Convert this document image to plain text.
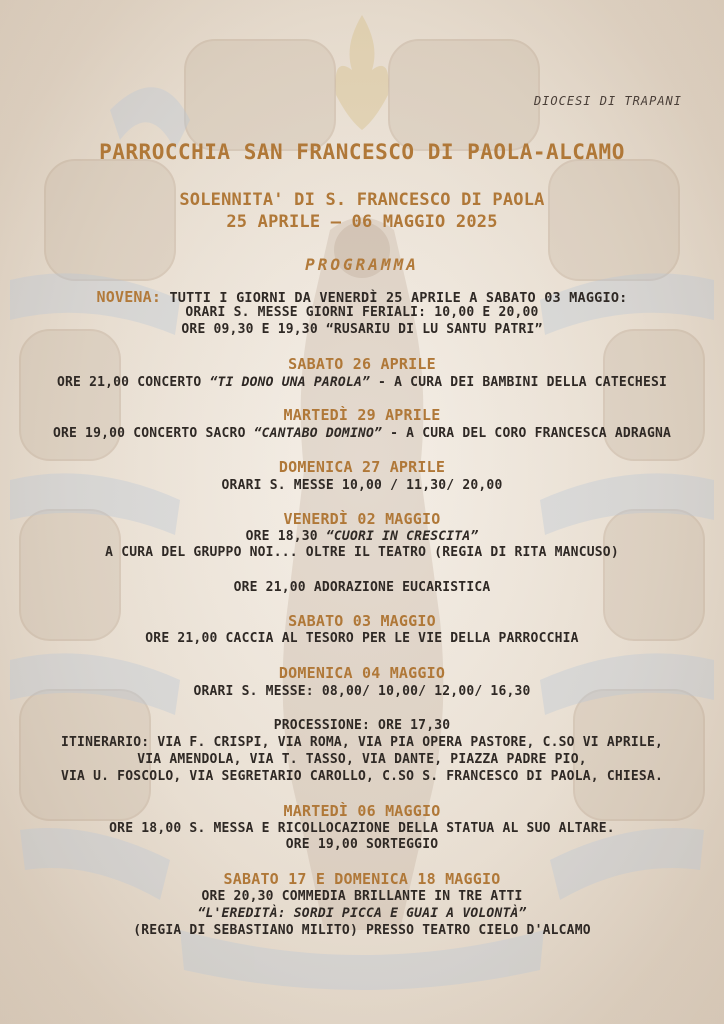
DIOCESI DI TRAPANI
PARROCCHIA SAN FRANCESCO DI PAOLA-ALCAMO
SOLENNITA' DI S. FRANCESCO DI PAOLA
25 APRILE – 06 MAGGIO 2025
PROGRAMMA
NOVENA: TUTTI I GIORNI DA VENERDÌ 25 APRILE A SABATO 03 MAGGIO:
ORARI S. MESSE GIORNI FERIALI: 10,00 E 20,00
ORE 09,30 E 19,30 “RUSARIU DI LU SANTU PATRI”
SABATO 26 APRILE
ORE 21,00 CONCERTO “TI DONO UNA PAROLA” - A CURA DEI BAMBINI DELLA CATECHESI
MARTEDÌ 29 APRILE
ORE 19,00 CONCERTO SACRO “CANTABO DOMINO” - A CURA DEL CORO FRANCESCA ADRAGNA
DOMENICA 27 APRILE
ORARI S. MESSE 10,00 / 11,30/ 20,00
VENERDÌ 02 MAGGIO
ORE 18,30 “CUORI IN CRESCITA”
A CURA DEL GRUPPO NOI... OLTRE IL TEATRO (REGIA DI RITA MANCUSO)
ORE 21,00 ADORAZIONE EUCARISTICA
SABATO 03 MAGGIO
ORE 21,00 CACCIA AL TESORO PER LE VIE DELLA PARROCCHIA
DOMENICA 04 MAGGIO
ORARI S. MESSE: 08,00/ 10,00/ 12,00/ 16,30
PROCESSIONE: ORE 17,30
ITINERARIO: VIA F. CRISPI, VIA ROMA, VIA PIA OPERA PASTORE, C.SO VI APRILE,
VIA AMENDOLA, VIA T. TASSO, VIA DANTE, PIAZZA PADRE PIO,
VIA U. FOSCOLO, VIA SEGRETARIO CAROLLO, C.SO S. FRANCESCO DI PAOLA, CHIESA.
MARTEDÌ 06 MAGGIO
ORE 18,00 S. MESSA E RICOLLOCAZIONE DELLA STATUA AL SUO ALTARE.
ORE 19,00 SORTEGGIO
SABATO 17 E DOMENICA 18 MAGGIO
ORE 20,30 COMMEDIA BRILLANTE IN TRE ATTI
“L'EREDITÀ: SORDI PICCA E GUAI A VOLONTÀ”
(REGIA DI SEBASTIANO MILITO) PRESSO TEATRO CIELO D'ALCAMO
